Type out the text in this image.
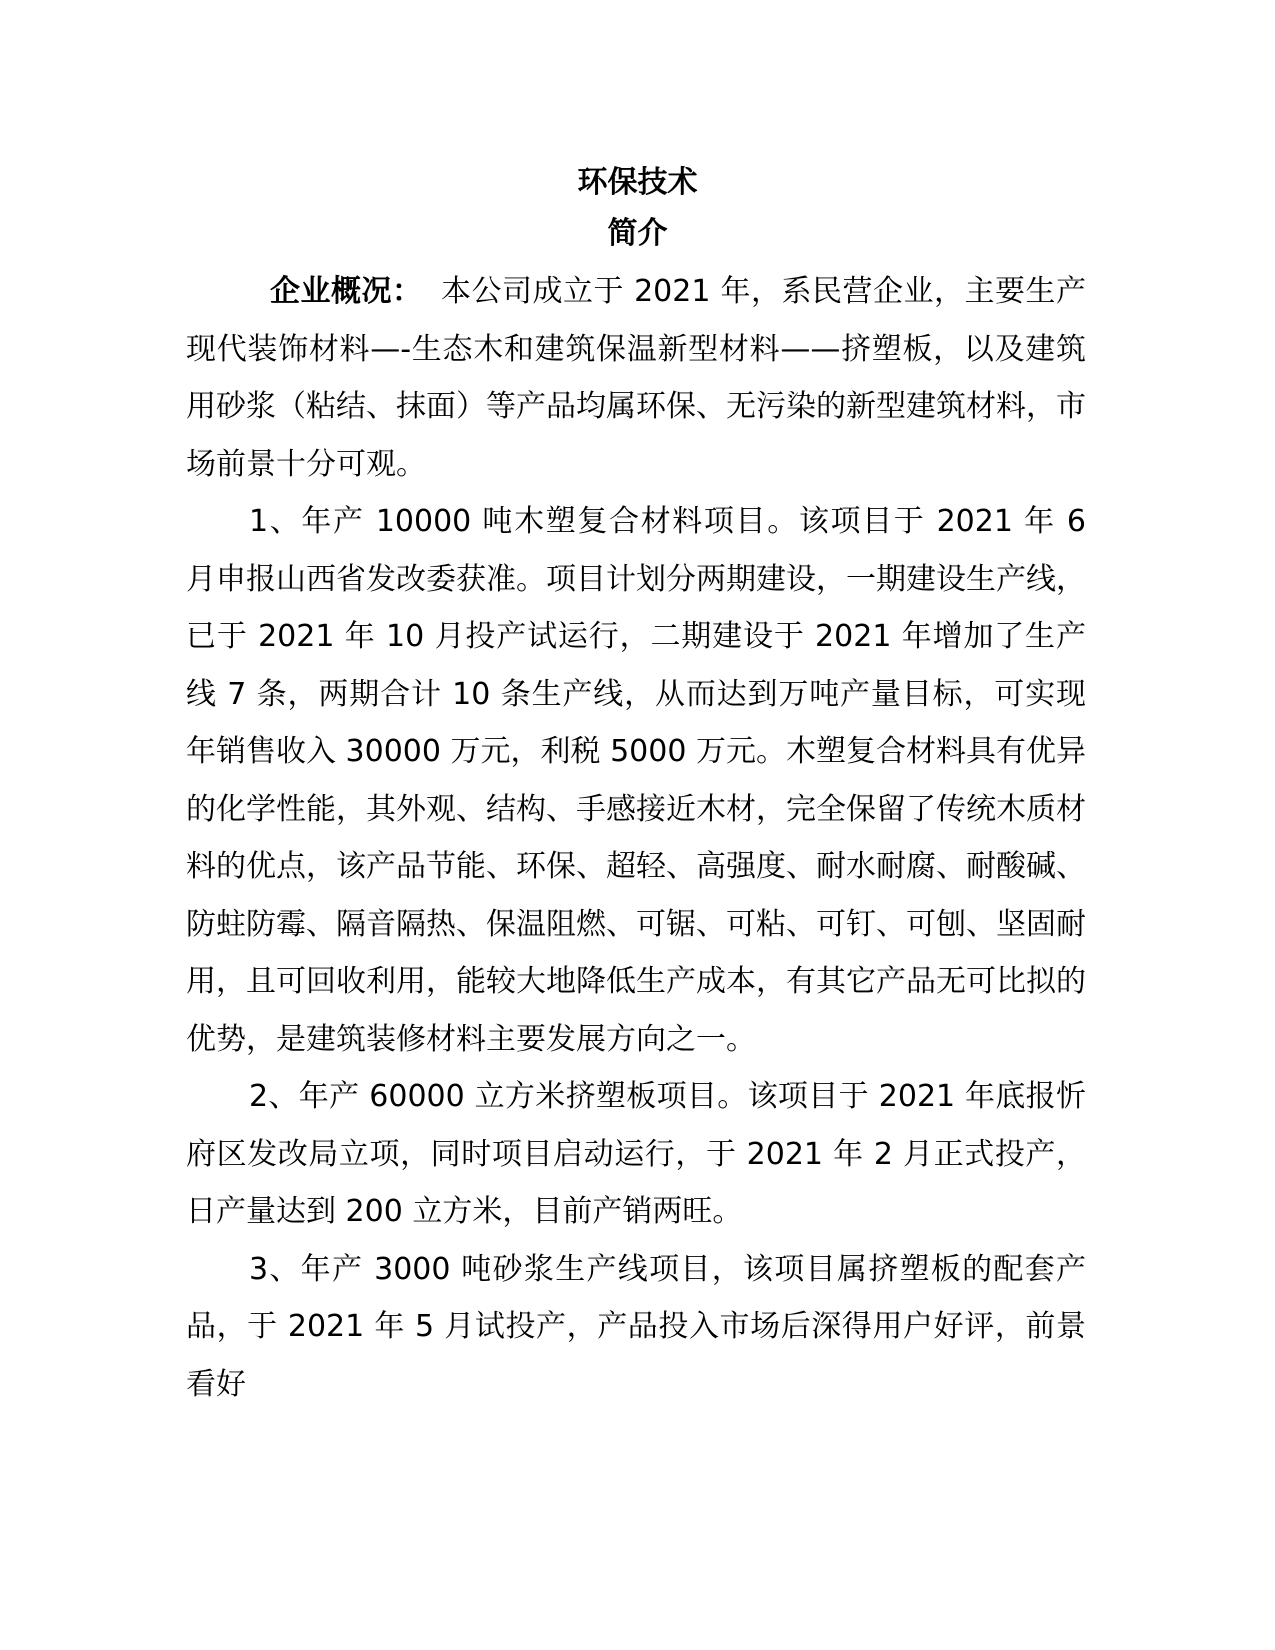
环保技术
简介

企业概况： 本公司成立于 2021 年，系民营企业，主要生产现代装饰材料—-生态木和建筑保温新型材料——挤塑板，以及建筑用砂浆（粘结、抹面）等产品均属环保、无污染的新型建筑材料，市场前景十分可观。

1、年产 10000 吨木塑复合材料项目。该项目于 2021 年 6 月申报山西省发改委获准。项目计划分两期建设，一期建设生产线，已于 2021 年 10 月投产试运行，二期建设于 2021 年增加了生产线 7 条，两期合计 10 条生产线，从而达到万吨产量目标，可实现年销售收入 30000 万元，利税 5000 万元。木塑复合材料具有优异的化学性能，其外观、结构、手感接近木材，完全保留了传统木质材料的优点，该产品节能、环保、超轻、高强度、耐水耐腐、耐酸碱、防蛀防霉、隔音隔热、保温阻燃、可锯、可粘、可钉、可刨、坚固耐用，且可回收利用，能较大地降低生产成本，有其它产品无可比拟的优势，是建筑装修材料主要发展方向之一。

2、年产 60000 立方米挤塑板项目。该项目于 2021 年底报忻府区发改局立项，同时项目启动运行，于 2021 年 2 月正式投产，日产量达到 200 立方米，目前产销两旺。

3、年产 3000 吨砂浆生产线项目，该项目属挤塑板的配套产品，于 2021 年 5 月试投产，产品投入市场后深得用户好评，前景看好
